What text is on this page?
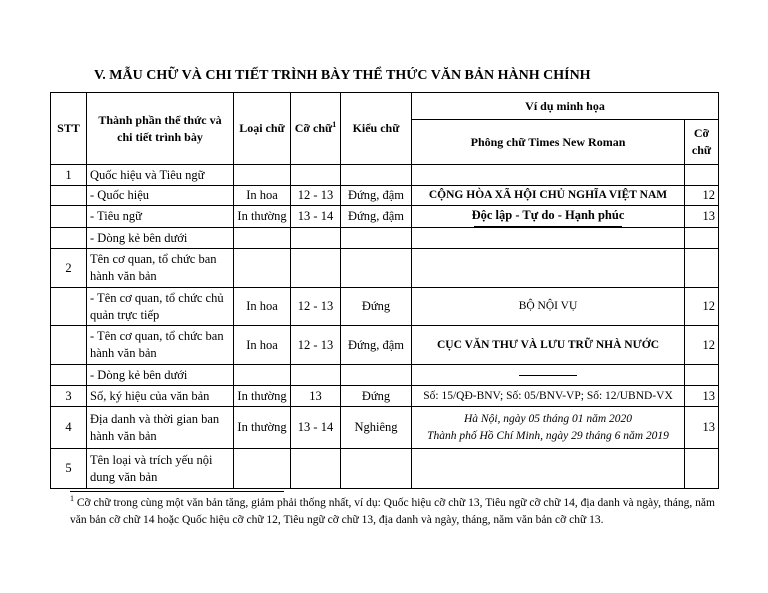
V. MẪU CHỮ VÀ CHI TIẾT TRÌNH BÀY THỂ THỨC VĂN BẢN HÀNH CHÍNH
STT	Thành phần thể thức và chi tiết trình bày	Loại chữ	Cỡ chữ$^1$	Kiểu chữ	Ví dụ minh họa	
					Phông chữ Times New Roman	Cỡ chữ
1	Quốc hiệu và Tiêu ngữ					
	- Quốc hiệu	In hoa	12 - 13	Đứng, đậm	CỘNG HÒA XÃ HỘI CHỦ NGHĨA VIỆT NAM	12
	- Tiêu ngữ	In thường	13 - 14	Đứng, đậm	Độc lập - Tự do - Hạnh phúc	13
	- Dòng kẻ bên dưới					
2	Tên cơ quan, tổ chức ban hành văn bản					
	- Tên cơ quan, tổ chức chủ quản trực tiếp	In hoa	12 - 13	Đứng	BỘ NỘI VỤ	12
	- Tên cơ quan, tổ chức ban hành văn bản	In hoa	12 - 13	Đứng, đậm	CỤC VĂN THƯ VÀ LƯU TRỮ NHÀ NƯỚC	12
	- Dòng kẻ bên dưới				

3	Số, ký hiệu của văn bản	In thường	13	Đứng	Số: 15/QĐ-BNV; Số: 05/BNV-VP; Số: 12/UBND-VX	13
4	Địa danh và thời gian ban hành văn bản	In thường	13 - 14	Nghiêng	Hà Nội, ngày 05 tháng 01 năm 2020
Thành phố Hồ Chí Minh, ngày 29 tháng 6 năm 2019	13
5	Tên loại và trích yếu nội dung văn bản					
$^1$ Cỡ chữ trong cùng một văn bản tăng, giảm phải thống nhất, ví dụ: Quốc hiệu cỡ chữ 13, Tiêu ngữ cỡ chữ 14, địa danh và ngày, tháng, năm văn bản cỡ chữ 14 hoặc Quốc hiệu cỡ chữ 12, Tiêu ngữ cỡ chữ 13, địa danh và ngày, tháng, năm văn bản cỡ chữ 13.
